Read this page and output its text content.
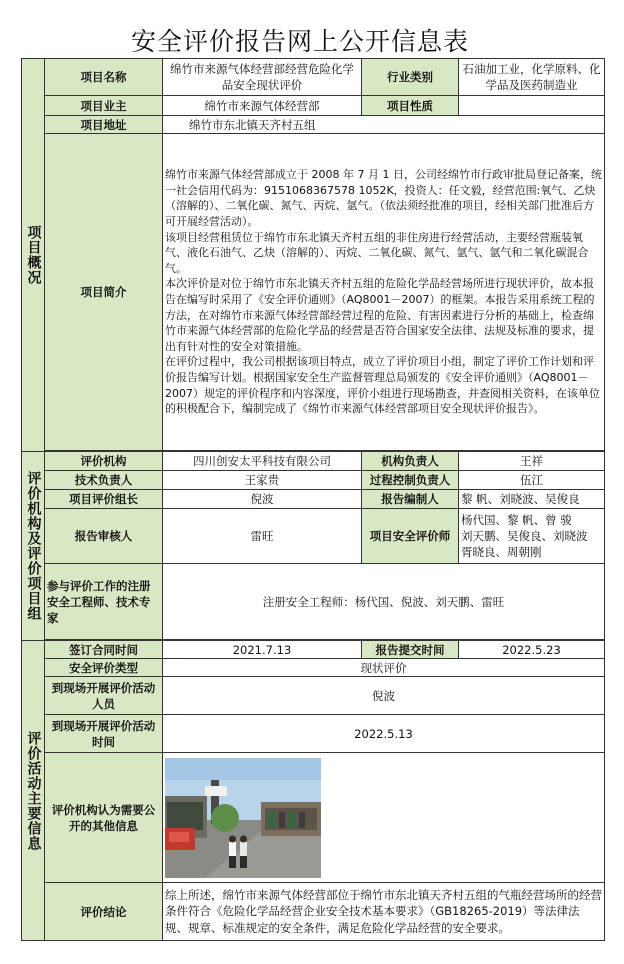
安全评价报告网上公开信息表
项目概况	项目名称	绵竹市来源气体经营部经营危险化学品安全现状评价	行业类别	石油加工业，化学原料、化学品及医药制造业
	项目业主	绵竹市来源气体经营部	项目性质	
	项目地址	绵竹市东北镇天齐村五组		
	项目简介	绵竹市来源气体经营部成立于 2008 年 7 月 1 日，公司经绵竹市行政审批局登记备案，统一社会信用代码为：9151068367578 1052K，投资人：任文毅，经营范围:氧气、乙炔（溶解的）、二氧化碳、氮气、丙烷、氩气。（依法须经批准的项目，经相关部门批准后方可开展经营活动）。

该项目经营租赁位于绵竹市东北镇天齐村五组的非住房进行经营活动，主要经营瓶装氧气、液化石油气、乙炔（溶解的）、丙烷、二氧化碳、氮气、氩气、氩气和二氧化碳混合气。

本次评价是对位于绵竹市东北镇天齐村五组的危险化学品经营场所进行现状评价，故本报告在编写时采用了《安全评价通则》（AQ8001－2007）的框架。本报告采用系统工程的方法，在对绵竹市来源气体经营部经营过程的危险、有害因素进行分析的基础上，检查绵竹市来源气体经营部的危险化学品的经营是否符合国家安全法律、法规及标准的要求，提出有针对性的安全对策措施。

在评价过程中，我公司根据该项目特点，成立了评价项目小组，制定了评价工作计划和评价报告编写计划。根据国家安全生产监督管理总局颁发的《安全评价通则》（AQ8001－2007）规定的评价程序和内容深度，评价小组进行现场勘查，并查阅相关资料，在该单位的积极配合下，编制完成了《绵竹市来源气体经营部项目安全现状评价报告》。		

评价机构及评价项目组	评价机构	四川创安太平科技有限公司	机构负责人	王祥
	技术负责人	王家贵	过程控制负责人	伍江
	项目评价组长	倪波	报告编制人	黎 帆、刘晓波、吴俊良
	报告审核人	雷旺	项目安全评价师	杨代国、黎 帆、曾 骏
刘天鹏、吴俊良、刘晓波
胥晓良、周朝刚

	参与评价工作的注册安全工程师、技术专家	注册安全工程师：杨代国、倪波、刘天鹏、雷旺		

评价活动主要信息	签订合同时间	2021.7.13	报告提交时间	2022.5.23
	安全评价类型	现状评价		
	到现场开展评价活动人员	倪波		
	到现场开展评价活动时间	2022.5.13		
	评价机构认为需要公开的其他信息	

	评价结论	综上所述，绵竹市来源气体经营部位于绵竹市东北镇天齐村五组的气瓶经营场所的经营条件符合《危险化学品经营企业安全技术基本要求》（GB18265-2019）等法律法规、规章、标准规定的安全条件，满足危险化学品经营的安全要求。		
